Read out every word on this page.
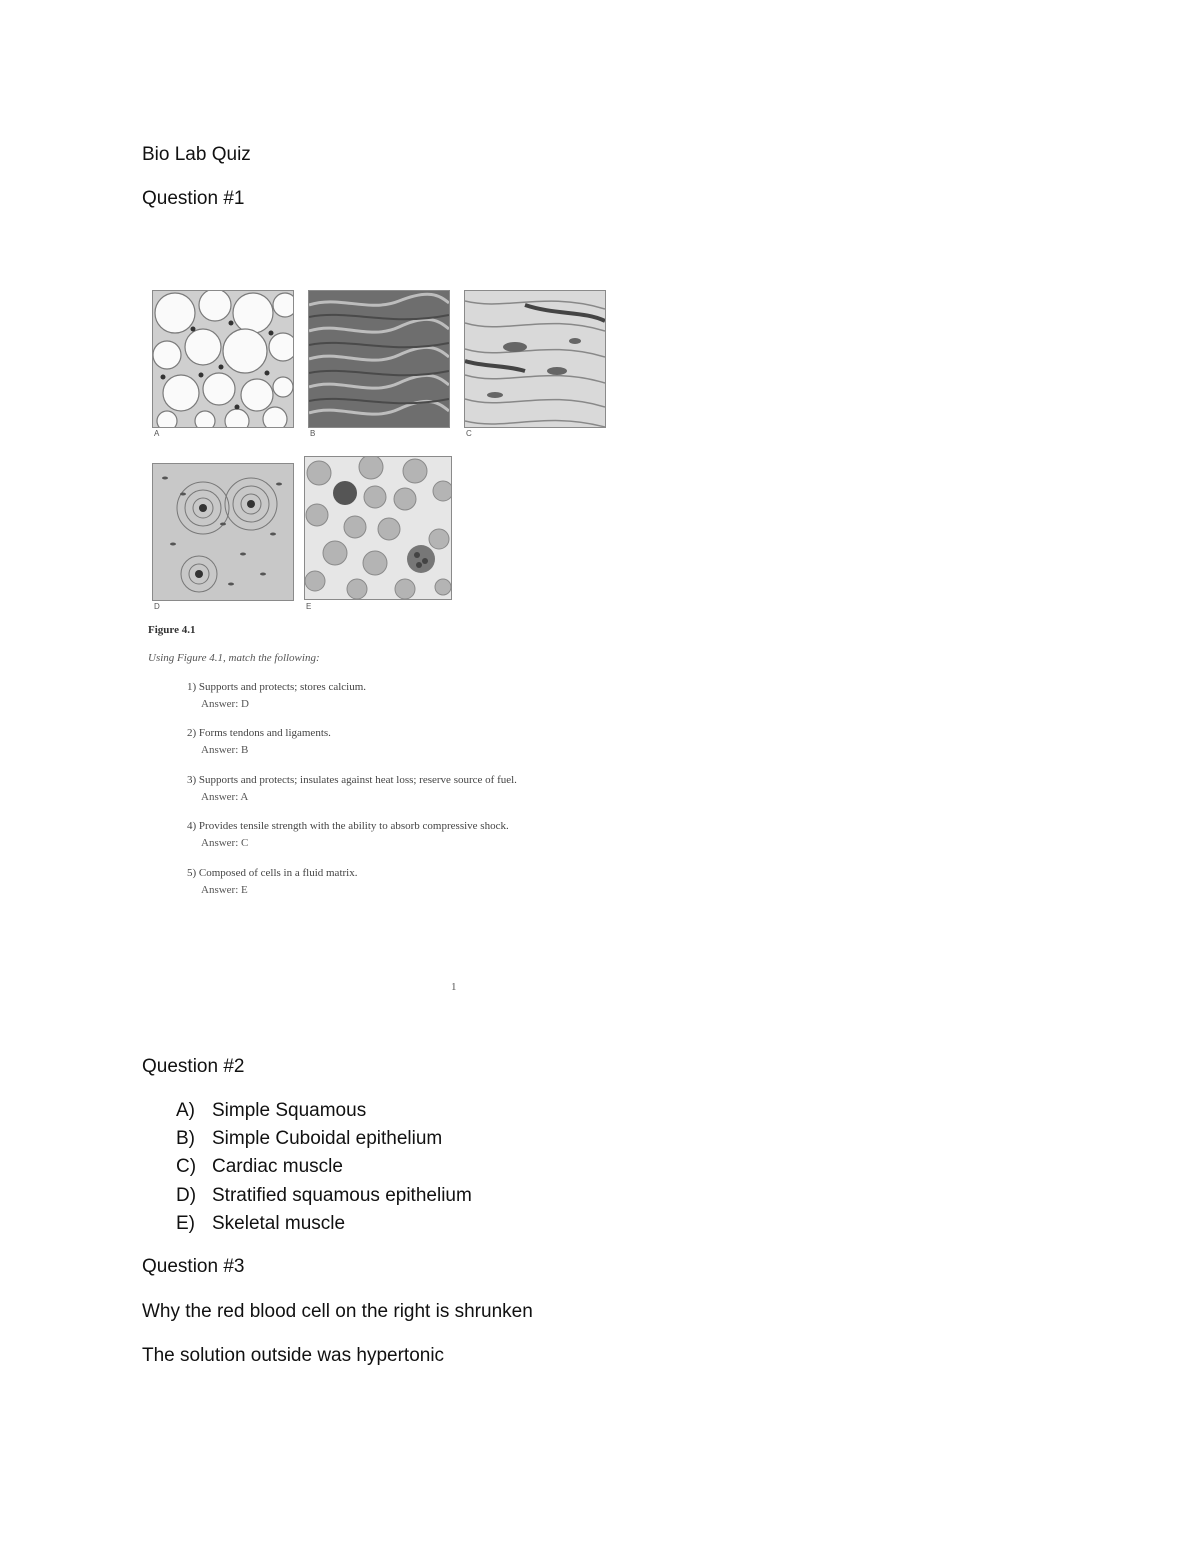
Bio Lab Quiz
Question #1
A	B	C
D	E
Figure 4.1
Using Figure 4.1, match the following:
1) Supports and protects; stores calcium.
Answer: D
2) Forms tendons and ligaments.
Answer: B
3) Supports and protects; insulates against heat loss; reserve source of fuel.
Answer: A
4) Provides tensile strength with the ability to absorb compressive shock.
Answer: C
5) Composed of cells in a fluid matrix.
Answer: E
1
Question #2
A) Simple Squamous
B) Simple Cuboidal epithelium
C) Cardiac muscle
D) Stratified squamous epithelium
E) Skeletal muscle
Question #3
Why the red blood cell on the right is shrunken
The solution outside was hypertonic
